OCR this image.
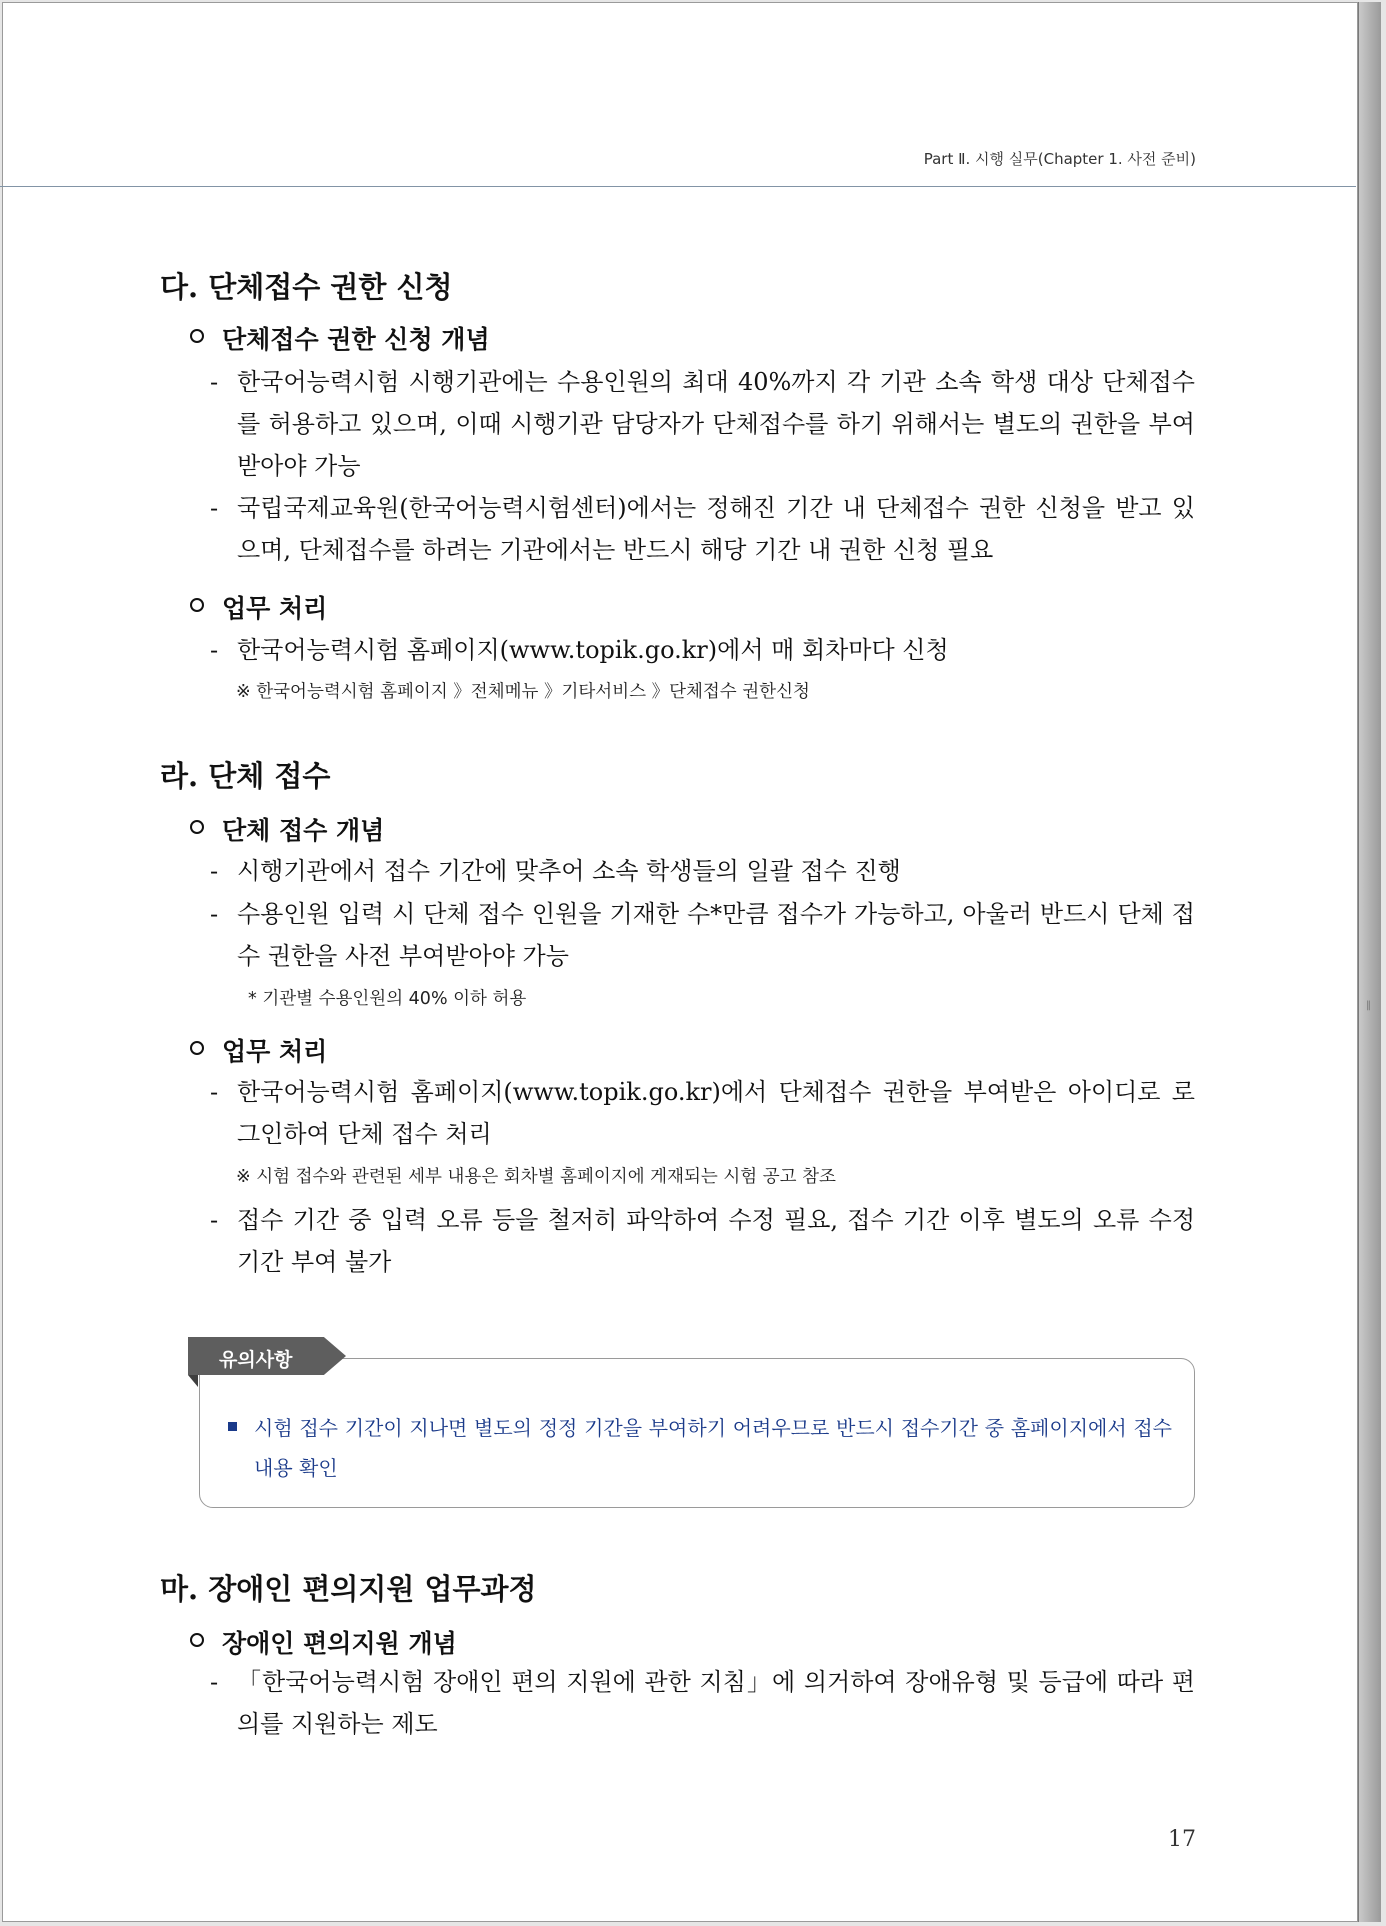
‖
Part Ⅱ. 시행 실무(Chapter 1. 사전 준비)
다. 단체접수 권한 신청
단체접수 권한 신청 개념
- 한국어능력시험 시행기관에는 수용인원의 최대 40%까지 각 기관 소속 학생 대상 단체접수를 허용하고 있으며, 이때 시행기관 담당자가 단체접수를 하기 위해서는 별도의 권한을 부여받아야 가능
- 국립국제교육원(한국어능력시험센터)에서는 정해진 기간 내 단체접수 권한 신청을 받고 있으며, 단체접수를 하려는 기관에서는 반드시 해당 기간 내 권한 신청 필요
업무 처리
- 한국어능력시험 홈페이지(www.topik.go.kr)에서 매 회차마다 신청
※ 한국어능력시험 홈페이지 》전체메뉴 》기타서비스 》단체접수 권한신청
라. 단체 접수
단체 접수 개념
- 시행기관에서 접수 기간에 맞추어 소속 학생들의 일괄 접수 진행
- 수용인원 입력 시 단체 접수 인원을 기재한 수*만큼 접수가 가능하고, 아울러 반드시 단체 접수 권한을 사전 부여받아야 가능
* 기관별 수용인원의 40% 이하 허용
업무 처리
- 한국어능력시험 홈페이지(www.topik.go.kr)에서 단체접수 권한을 부여받은 아이디로 로그인하여 단체 접수 처리
※ 시험 접수와 관련된 세부 내용은 회차별 홈페이지에 게재되는 시험 공고 참조
- 접수 기간 중 입력 오류 등을 철저히 파악하여 수정 필요, 접수 기간 이후 별도의 오류 수정 기간 부여 불가
유의사항
시험 접수 기간이 지나면 별도의 정정 기간을 부여하기 어려우므로 반드시 접수기간 중 홈페이지에서 접수 내용 확인
마. 장애인 편의지원 업무과정
장애인 편의지원 개념
- 「한국어능력시험 장애인 편의 지원에 관한 지침」에 의거하여 장애유형 및 등급에 따라 편의를 지원하는 제도
17
